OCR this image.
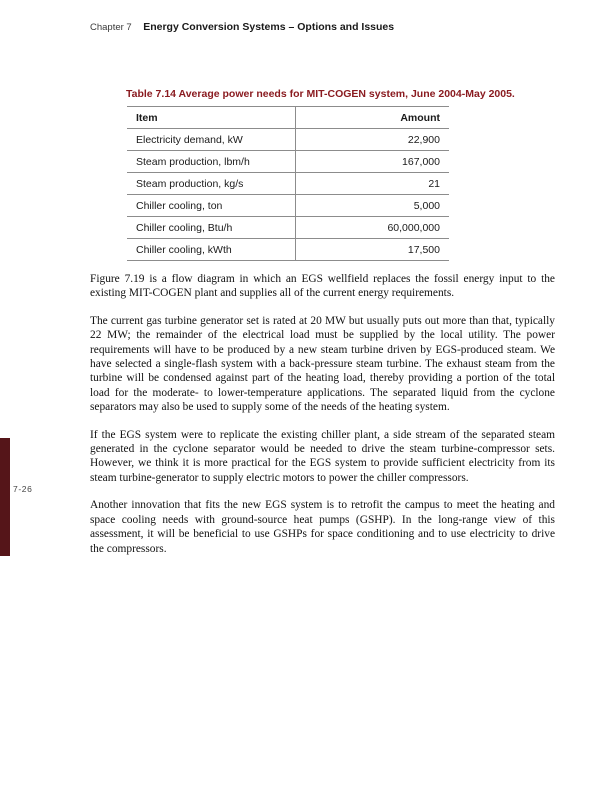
Chapter 7 Energy Conversion Systems – Options and Issues
Table 7.14 Average power needs for MIT-COGEN system, June 2004-May 2005.
Item	Amount
Electricity demand, kW	22,900
Steam production, lbm/h	167,000
Steam production, kg/s	21
Chiller cooling, ton	5,000
Chiller cooling, Btu/h	60,000,000
Chiller cooling, kWth	17,500

Figure 7.19 is a flow diagram in which an EGS wellfield replaces the fossil energy input to the existing MIT-COGEN plant and supplies all of the current energy requirements.

The current gas turbine generator set is rated at 20 MW but usually puts out more than that, typically 22 MW; the remainder of the electrical load must be supplied by the local utility. The power requirements will have to be produced by a new steam turbine driven by EGS-produced steam. We have selected a single-flash system with a back-pressure steam turbine. The exhaust steam from the turbine will be condensed against part of the heating load, thereby providing a portion of the total load for the moderate- to lower-temperature applications. The separated liquid from the cyclone separators may also be used to supply some of the needs of the heating system.

If the EGS system were to replicate the existing chiller plant, a side stream of the separated steam generated in the cyclone separator would be needed to drive the steam turbine-compressor sets. However, we think it is more practical for the EGS system to provide sufficient electricity from its steam turbine-generator to supply electric motors to power the chiller compressors.

Another innovation that fits the new EGS system is to retrofit the campus to meet the heating and space cooling needs with ground-source heat pumps (GSHP). In the long-range view of this assessment, it will be beneficial to use GSHPs for space conditioning and to use electricity to drive the compressors.

7-26
